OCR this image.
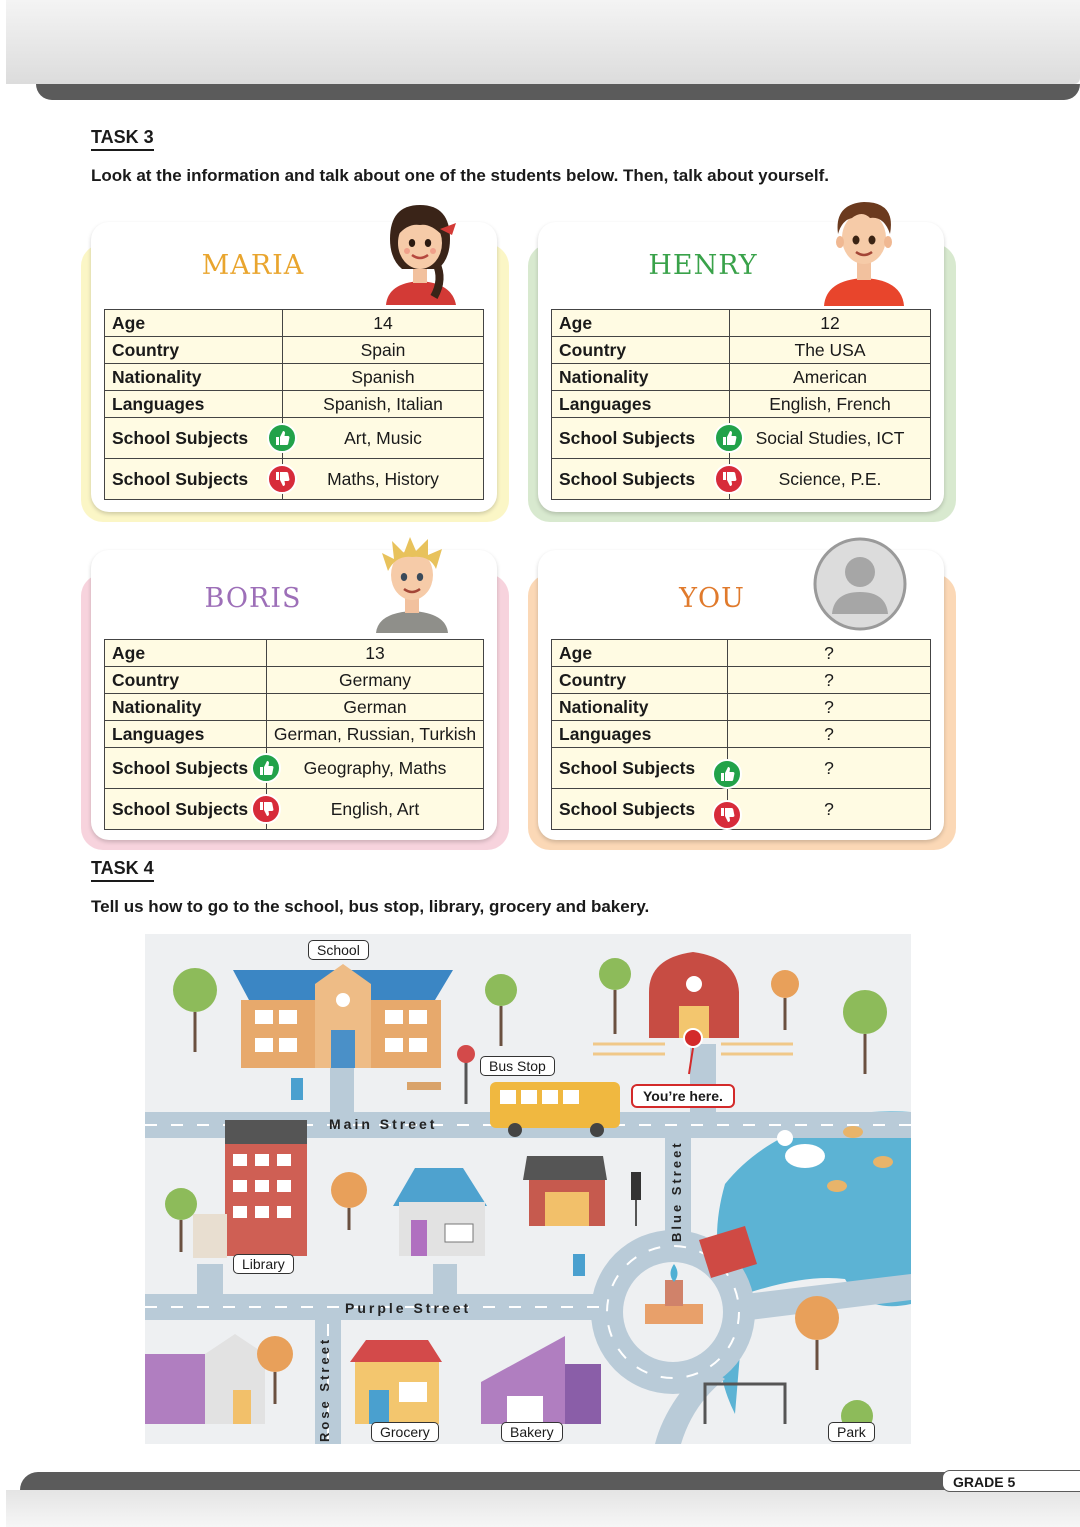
GRADE 5
TASK 3
Look at the information and talk about one of the students below. Then, talk about yourself.
MARIA
Age	14
Country	Spain
Nationality	Spanish
Languages	Spanish, Italian
School Subjects	Art, Music
School Subjects	Maths, History
HENRY
Age	12
Country	The USA
Nationality	American
Languages	English, French
School Subjects	Social Studies, ICT
School Subjects	Science, P.E.
BORIS
Age	13
Country	Germany
Nationality	German
Languages	German, Russian, Turkish
School Subjects	Geography, Maths
School Subjects	English, Art
YOU
Age	?
Country	?
Nationality	?
Languages	?
School Subjects	?
School Subjects	?
TASK 4
Tell us how to go to the school, bus stop, library, grocery and bakery.
School
Bus Stop
You’re here.
Library
Grocery	Bakery	Park
Main Street
Purple Street
Blue Street
Rose Street
